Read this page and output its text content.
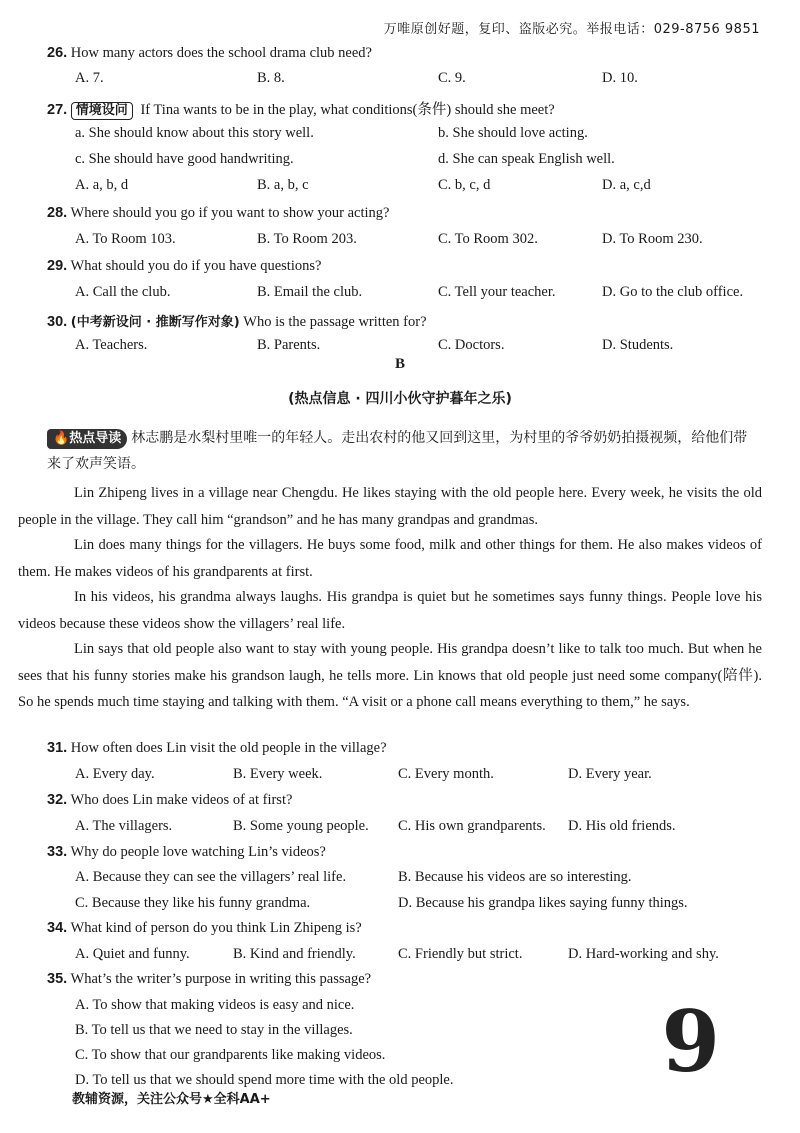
万唯原创好题，复印、盗版必究。举报电话：029-8756 9851
26. How many actors does the school drama club need?
A. 7.	B. 8.	C. 9.	D. 10.
27. 情境设问 If Tina wants to be in the play, what conditions(条件) should she meet?
a. She should know about this story well.	b. She should love acting.
c. She should have good handwriting.	d. She can speak English well.
A. a, b, d	B. a, b, c	C. b, c, d	D. a, c,d
28. Where should you go if you want to show your acting?
A. To Room 103.	B. To Room 203.	C. To Room 302.	D. To Room 230.
29. What should you do if you have questions?
A. Call the club.	B. Email the club.	C. Tell your teacher.	D. Go to the club office.
30. (中考新设问 · 推断写作对象) Who is the passage written for?
A. Teachers.	B. Parents.	C. Doctors.	D. Students.
B
(热点信息 · 四川小伙守护暮年之乐)
🔥热点导读 林志鹏是水梨村里唯一的年轻人。走出农村的他又回到这里，为村里的爷爷奶奶拍摄视频，给他们带来了欢声笑语。
Lin Zhipeng lives in a village near Chengdu. He likes staying with the old people here. Every week, he visits the old people in the village. They call him “grandson” and he has many grandpas and grandmas.
Lin does many things for the villagers. He buys some food, milk and other things for them. He also makes videos of them. He makes videos of his grandparents at first.
In his videos, his grandma always laughs. His grandpa is quiet but he sometimes says funny things. People love his videos because these videos show the villagers’ real life.
Lin says that old people also want to stay with young people. His grandpa doesn’t like to talk too much. But when he sees that his funny stories make his grandson laugh, he tells more. Lin knows that old people just need some company(陪伴). So he spends much time staying and talking with them. “A visit or a phone call means everything to them,” he says.
31. How often does Lin visit the old people in the village?
A. Every day.	B. Every week.	C. Every month.	D. Every year.
32. Who does Lin make videos of at first?
A. The villagers.	B. Some young people. C. His own grandparents. D. His old friends.
33. Why do people love watching Lin’s videos?
A. Because they can see the villagers’ real life.	B. Because his videos are so interesting.
C. Because they like his funny grandma.	D. Because his grandpa likes saying funny things.
34. What kind of person do you think Lin Zhipeng is?
A. Quiet and funny.	B. Kind and friendly.	C. Friendly but strict.	D. Hard-working and shy.
35. What’s the writer’s purpose in writing this passage?
A. To show that making videos is easy and nice.
B. To tell us that we need to stay in the villages.
C. To show that our grandparents like making videos.
D. To tell us that we should spend more time with the old people. 9
教辅资源，关注公众号★全科AA+
